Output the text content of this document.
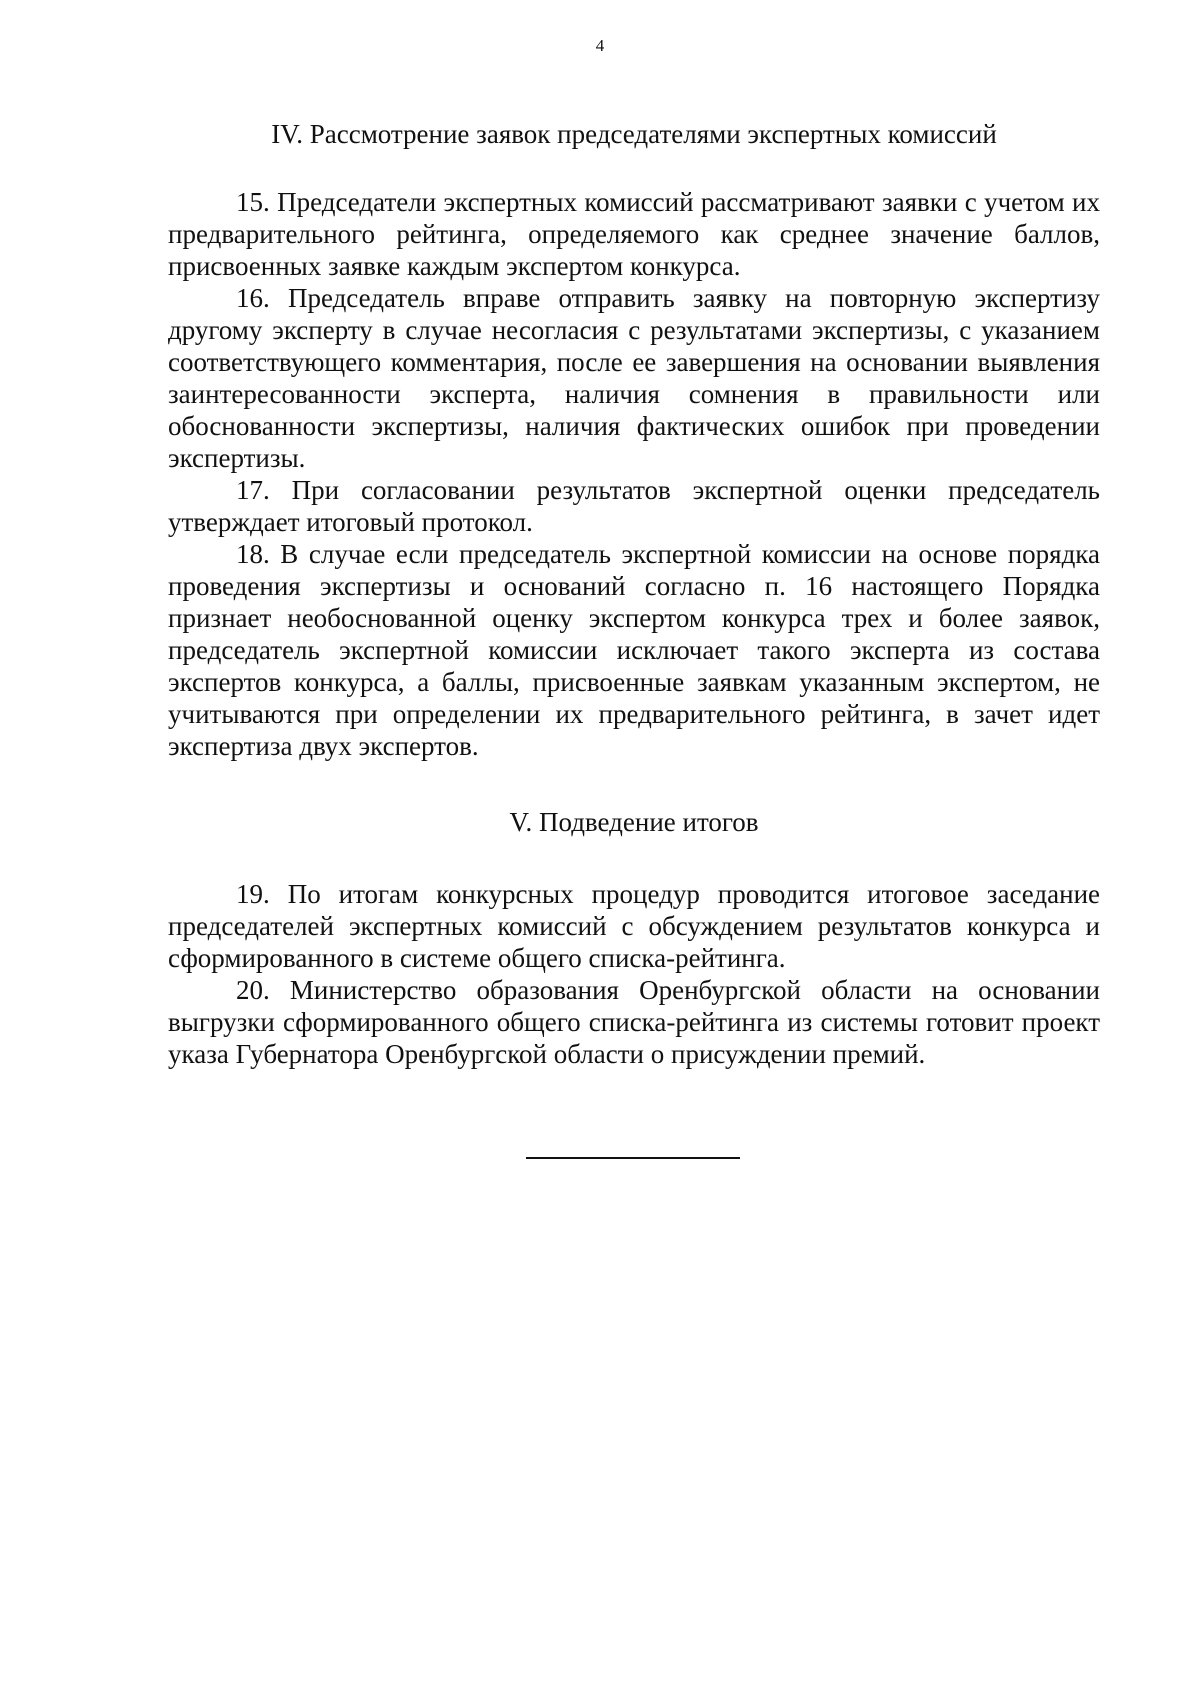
4
IV. Рассмотрение заявок председателями экспертных комиссий

15. Председатели экспертных комиссий рассматривают заявки с учетом их предварительного рейтинга, определяемого как среднее значение баллов, присвоенных заявке каждым экспертом конкурса.

16. Председатель вправе отправить заявку на повторную экспертизу другому эксперту в случае несогласия с результатами экспертизы, с указанием соответствующего комментария, после ее завершения на основании выявления заинтересованности эксперта, наличия сомнения в правильности или обоснованности экспертизы, наличия фактических ошибок при проведении экспертизы.

17. При согласовании результатов экспертной оценки председатель утверждает итоговый протокол.

18. В случае если председатель экспертной комиссии на основе порядка проведения экспертизы и оснований согласно п. 16 настоящего Порядка признает необоснованной оценку экспертом конкурса трех и более заявок, председатель экспертной комиссии исключает такого эксперта из состава экспертов конкурса, а баллы, присвоенные заявкам указанным экспертом, не учитываются при определении их предварительного рейтинга, в зачет идет экспертиза двух экспертов.

V. Подведение итогов

19. По итогам конкурсных процедур проводится итоговое заседание председателей экспертных комиссий с обсуждением результатов конкурса и сформированного в системе общего списка-рейтинга.

20. Министерство образования Оренбургской области на основании выгрузки сформированного общего списка-рейтинга из системы готовит проект указа Губернатора Оренбургской области о присуждении премий.
